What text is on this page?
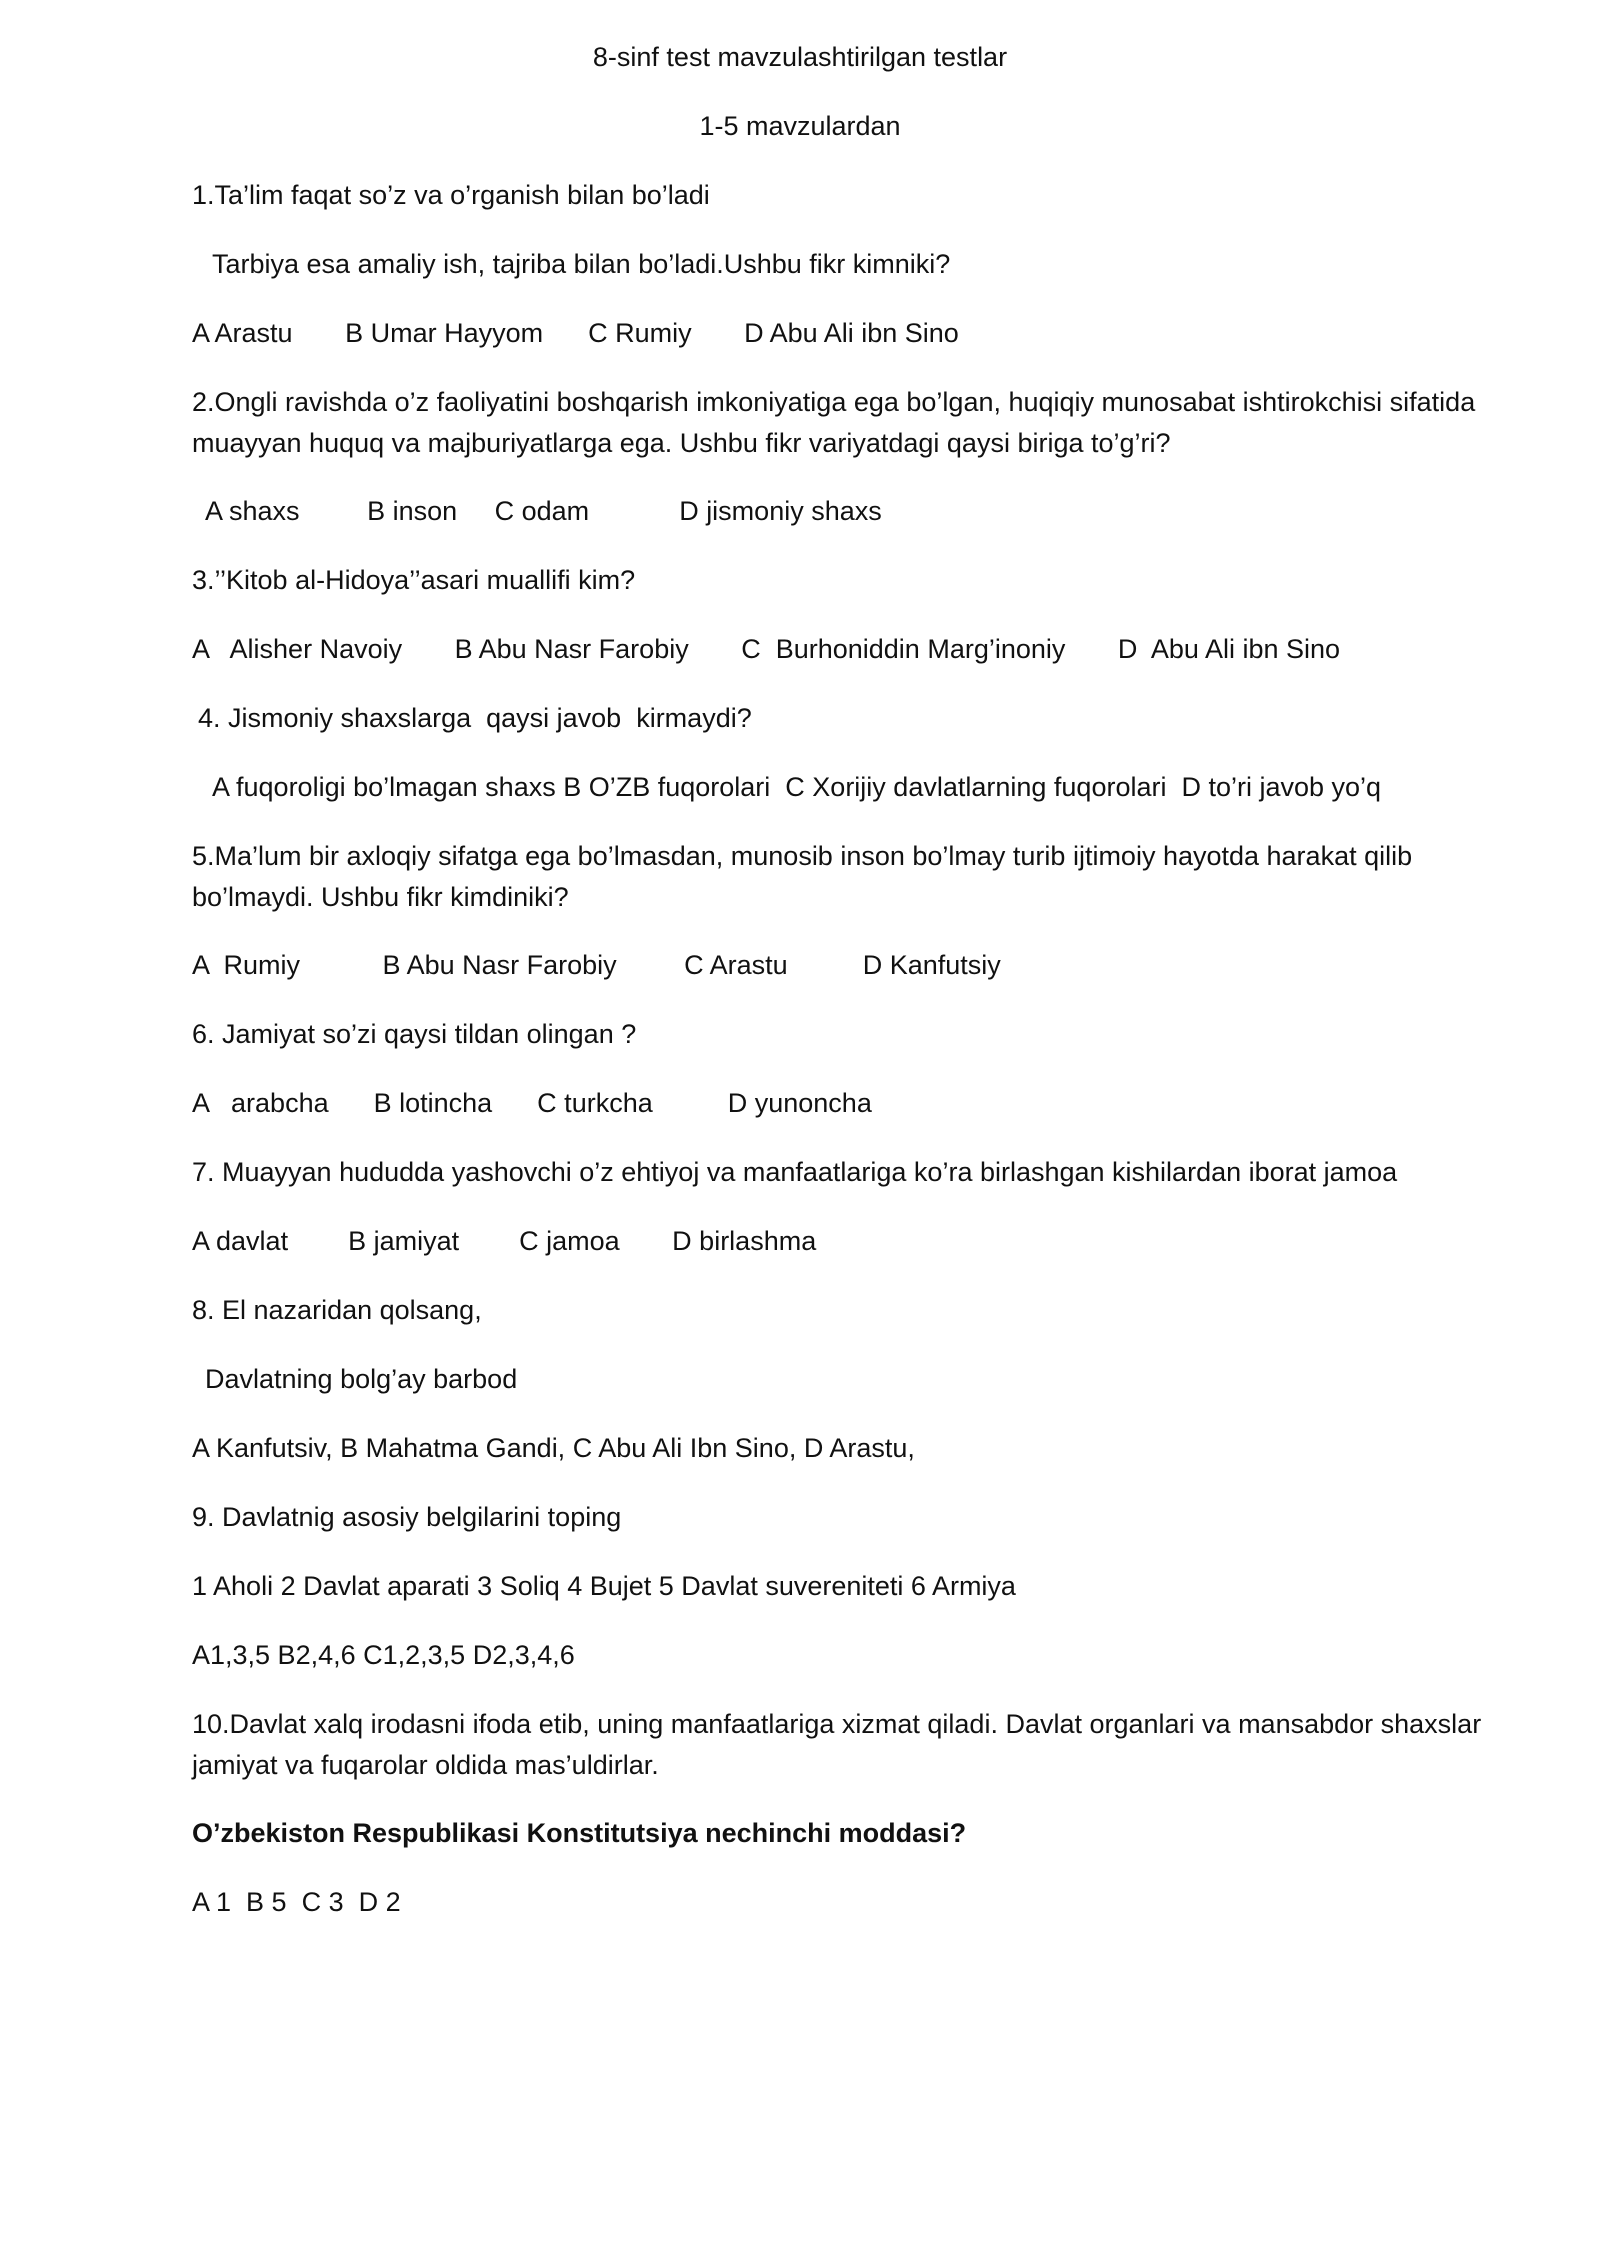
8-sinf test mavzulashtirilgan testlar

1-5 mavzulardan

1.Ta’lim faqat so’z va o’rganish bilan bo’ladi

Tarbiya esa amaliy ish, tajriba bilan bo’ladi.Ushbu fikr kimniki?

A Arastu       B Umar Hayyom      C Rumiy       D Abu Ali ibn Sino

2.Ongli ravishda o’z faoliyatini boshqarish imkoniyatiga ega bo’lgan, huqiqiy munosabat ishtirokchisi sifatida muayyan huquq va majburiyatlarga ega. Ushbu fikr variyatdagi qaysi biriga to’g’ri?

A shaxs         B inson     C odam            D jismoniy shaxs

3.’’Kitob al-Hidoya’’asari muallifi kim?

A   Alisher Navoiy       B Abu Nasr Farobiy       C  Burhoniddin Marg’inoniy       D  Abu Ali ibn Sino

4. Jismoniy shaxslarga  qaysi javob  kirmaydi?

A fuqoroligi bo’lmagan shaxs B O’ZB fuqorolari  C Xorijiy davlatlarning fuqorolari  D to’ri javob yo’q

5.Ma’lum bir axloqiy sifatga ega bo’lmasdan, munosib inson bo’lmay turib ijtimoiy hayotda harakat qilib bo’lmaydi. Ushbu fikr kimdiniki?

A  Rumiy           B Abu Nasr Farobiy         C Arastu          D Kanfutsiy

6. Jamiyat so’zi qaysi tildan olingan ?

A   arabcha      B lotincha      C turkcha          D yunoncha

7. Muayyan hududda yashovchi o’z ehtiyoj va manfaatlariga ko’ra birlashgan kishilardan iborat jamoa

A davlat        B jamiyat        C jamoa       D birlashma

8. El nazaridan qolsang,

Davlatning bolg’ay barbod

A Kanfutsiv, B Mahatma Gandi, C Abu Ali Ibn Sino, D Arastu,

9. Davlatnig asosiy belgilarini toping

1 Aholi 2 Davlat aparati 3 Soliq 4 Bujet 5 Davlat suvereniteti 6 Armiya

A1,3,5 B2,4,6 C1,2,3,5 D2,3,4,6

10.Davlat xalq irodasni ifoda etib, uning manfaatlariga xizmat qiladi. Davlat organlari va mansabdor shaxslar jamiyat va fuqarolar oldida mas’uldirlar.

O’zbekiston Respublikasi Konstitutsiya nechinchi moddasi?

A 1  B 5  C 3  D 2
